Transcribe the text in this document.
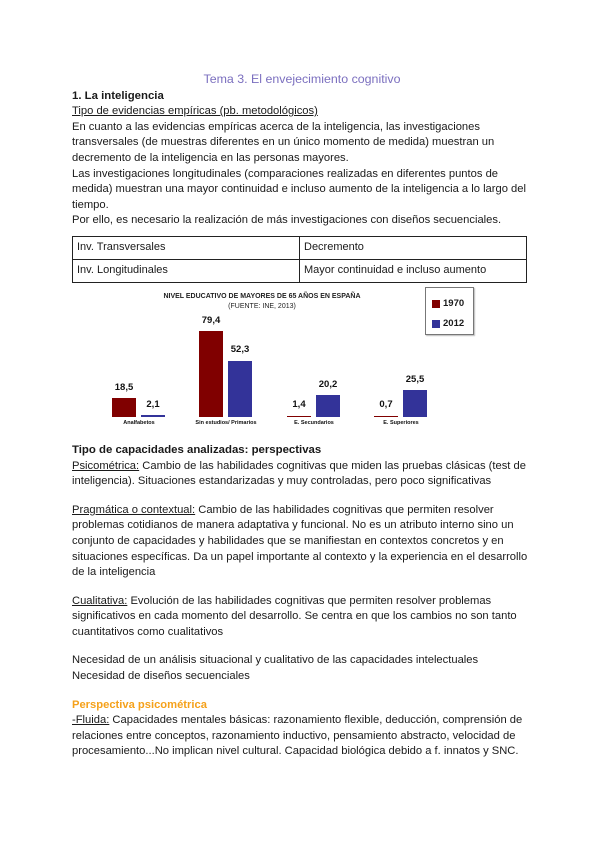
Tema 3. El envejecimiento cognitivo
1. La inteligencia
Tipo de evidencias empíricas (pb. metodológicos)

En cuanto a las evidencias empíricas acerca de la inteligencia, las investigaciones transversales (de muestras diferentes en un único momento de medida) muestran un decremento de la inteligencia en las personas mayores.

Las investigaciones longitudinales (comparaciones realizadas en diferentes puntos de medida) muestran una mayor continuidad e incluso aumento de la inteligencia a lo largo del tiempo.

Por ello, es necesario la realización de más investigaciones con diseños secuenciales.

Inv. Transversales	Decremento
Inv. Longitudinales	Mayor continuidad e incluso aumento
NIVEL EDUCATIVO DE MAYORES DE 65 AÑOS EN ESPAÑA
(FUENTE: INE, 2013)
18,5
2,1
Analfabetos
79,4
52,3
Sin estudios/ Primarios
1,4
20,2
E. Secundarios
0,7
25,5
E. Superiores
1970
2012
Tipo de capacidades analizadas: perspectivas

Psicométrica: Cambio de las habilidades cognitivas que miden las pruebas clásicas (test de inteligencia). Situaciones estandarizadas y muy controladas, pero poco significativas

Pragmática o contextual: Cambio de las habilidades cognitivas que permiten resolver problemas cotidianos de manera adaptativa y funcional. No es un atributo interno sino un conjunto de capacidades y habilidades que se manifiestan en contextos concretos y en situaciones específicas. Da un papel importante al contexto y la experiencia en el desarrollo de la inteligencia

Cualitativa: Evolución de las habilidades cognitivas que permiten resolver problemas significativos en cada momento del desarrollo. Se centra en que los cambios no son tanto cuantitativos como cualitativos

Necesidad de un análisis situacional y cualitativo de las capacidades intelectuales

Necesidad de diseños secuenciales

Perspectiva psicométrica

-Fluida: Capacidades mentales básicas: razonamiento flexible, deducción, comprensión de relaciones entre conceptos, razonamiento inductivo, pensamiento abstracto, velocidad de procesamiento...No implican nivel cultural. Capacidad biológica debido a f. innatos y SNC.
